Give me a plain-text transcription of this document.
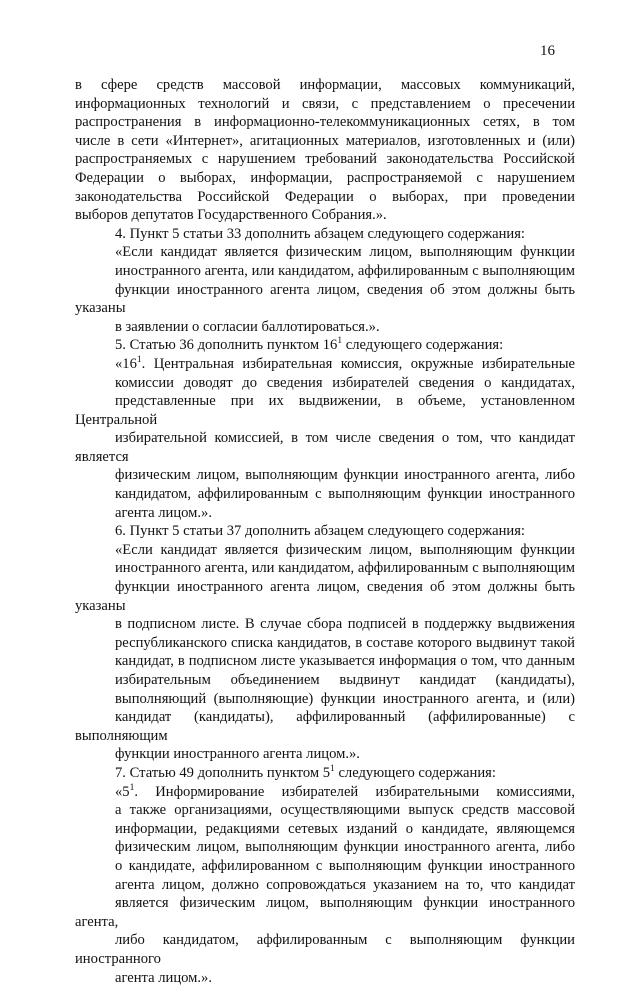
16
в сфере средств массовой информации, массовых коммуникаций,
информационных технологий и связи, с представлением о пресечении
распространения в информационно-телекоммуникационных сетях, в том
числе в сети «Интернет», агитационных материалов, изготовленных и (или)
распространяемых с нарушением требований законодательства Российской
Федерации о выборах, информации, распространяемой с нарушением
законодательства Российской Федерации о выборах, при проведении
выборов депутатов Государственного Собрания.».
4. Пункт 5 статьи 33 дополнить абзацем следующего содержания:
«Если кандидат является физическим лицом, выполняющим функции
иностранного агента, или кандидатом, аффилированным с выполняющим
функции иностранного агента лицом, сведения об этом должны быть указаны
в заявлении о согласии баллотироваться.».
5. Статью 36 дополнить пунктом $16^1$ следующего содержания:
«$16^1$. Центральная избирательная комиссия, окружные избирательные
комиссии доводят до сведения избирателей сведения о кандидатах,
представленные при их выдвижении, в объеме, установленном Центральной
избирательной комиссией, в том числе сведения о том, что кандидат является
физическим лицом, выполняющим функции иностранного агента, либо
кандидатом, аффилированным с выполняющим функции иностранного
агента лицом.».
6. Пункт 5 статьи 37 дополнить абзацем следующего содержания:
«Если кандидат является физическим лицом, выполняющим функции
иностранного агента, или кандидатом, аффилированным с выполняющим
функции иностранного агента лицом, сведения об этом должны быть указаны
в подписном листе. В случае сбора подписей в поддержку выдвижения
республиканского списка кандидатов, в составе которого выдвинут такой
кандидат, в подписном листе указывается информация о том, что данным
избирательным объединением выдвинут кандидат (кандидаты),
выполняющий (выполняющие) функции иностранного агента, и (или)
кандидат (кандидаты), аффилированный (аффилированные) с выполняющим
функции иностранного агента лицом.».
7. Статью 49 дополнить пунктом $5^1$ следующего содержания:
«$5^1$. Информирование избирателей избирательными комиссиями,
а также организациями, осуществляющими выпуск средств массовой
информации, редакциями сетевых изданий о кандидате, являющемся
физическим лицом, выполняющим функции иностранного агента, либо
о кандидате, аффилированном с выполняющим функции иностранного
агента лицом, должно сопровождаться указанием на то, что кандидат
является физическим лицом, выполняющим функции иностранного агента,
либо кандидатом, аффилированным с выполняющим функции иностранного
агента лицом.».
